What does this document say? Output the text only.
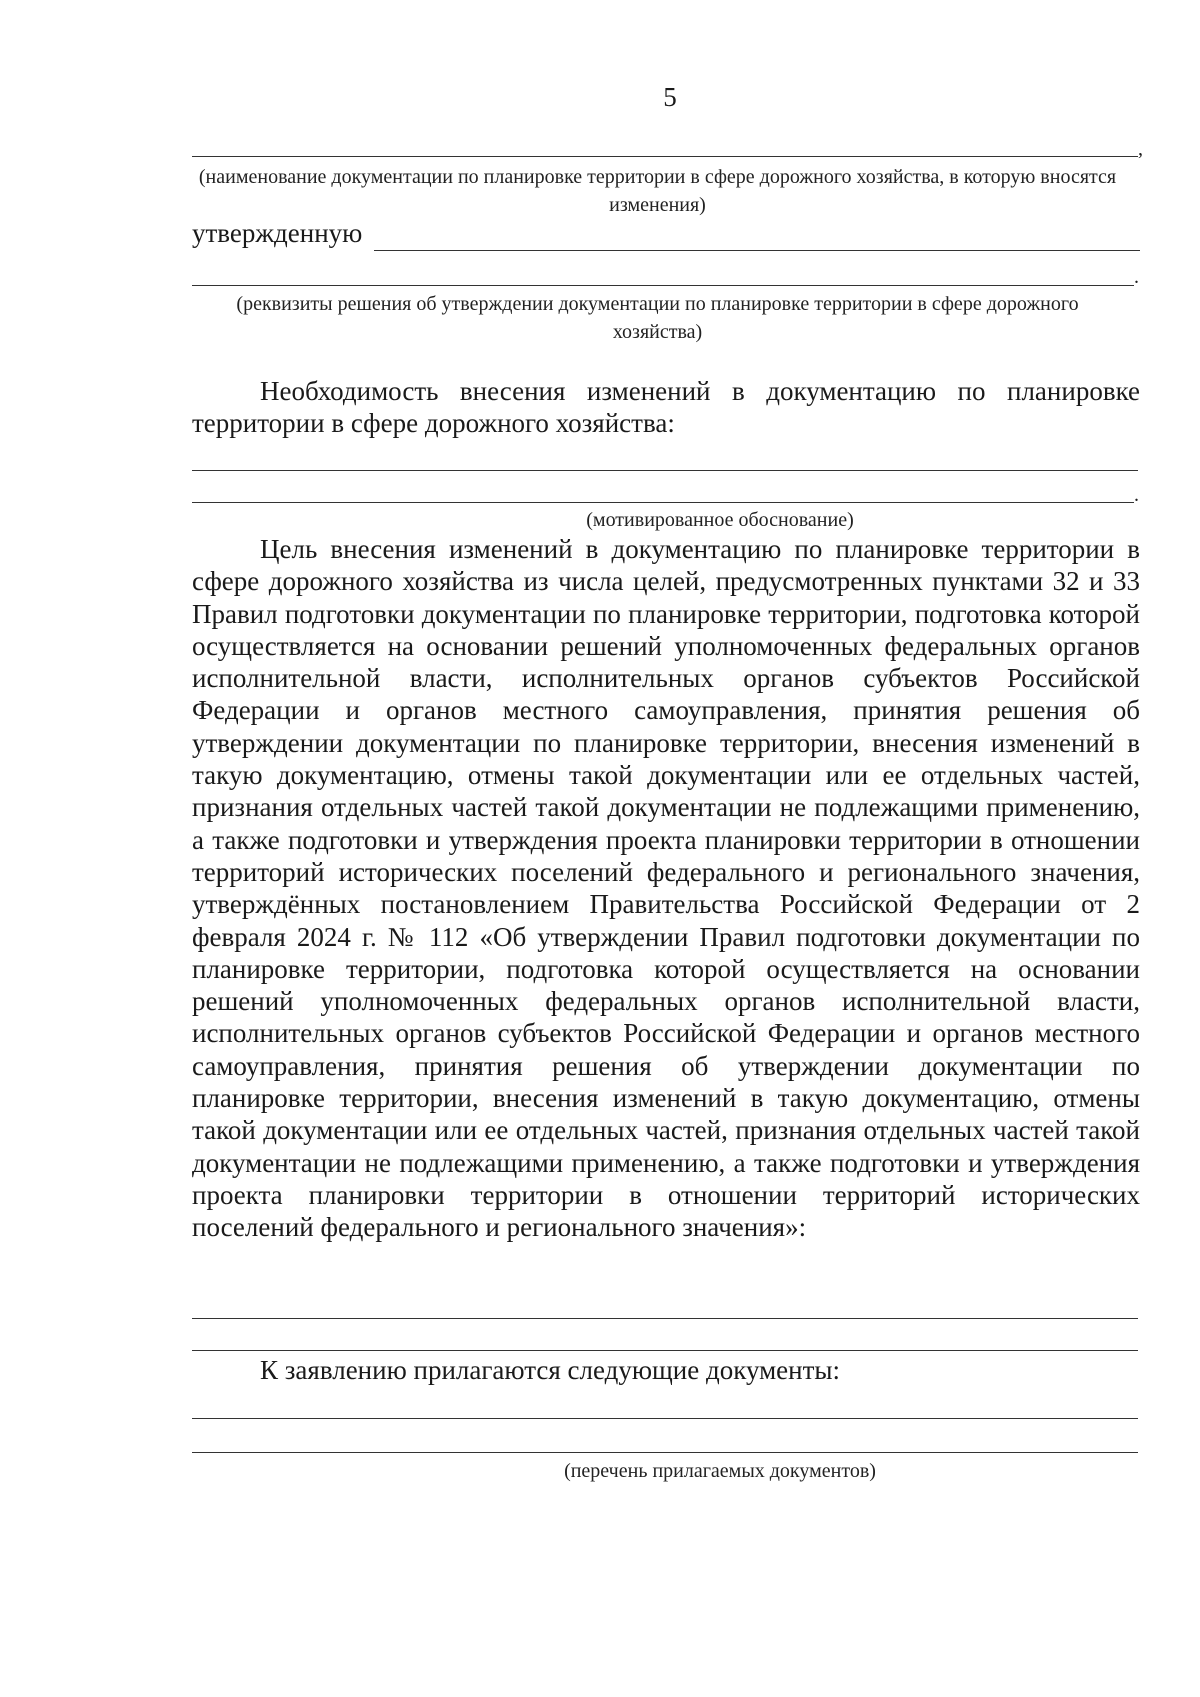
5
,
(наименование документации по планировке территории в сфере дорожного хозяйства, в которую вносятся изменения)
утвержденную
.
(реквизиты решения об утверждении документации по планировке территории в сфере дорожного хозяйства)
Необходимость внесения изменений в документацию по планировке территории в сфере дорожного хозяйства:
.
(мотивированное обоснование)
Цель внесения изменений в документацию по планировке территории в сфере дорожного хозяйства из числа целей, предусмотренных пунктами 32 и 33 Правил подготовки документации по планировке территории, подготовка которой осуществляется на основании решений уполномоченных федеральных органов исполнительной власти, исполнительных органов субъектов Российской Федерации и органов местного самоуправления, принятия решения об утверждении документации по планировке территории, внесения изменений в такую документацию, отмены такой документации или ее отдельных частей, признания отдельных частей такой документации не подлежащими применению, а также подготовки и утверждения проекта планировки территории в отношении территорий исторических поселений федерального и регионального значения, утверждённых постановлением Правительства Российской Федерации от 2 февраля 2024 г. № 112 «Об утверждении Правил подготовки документации по планировке территории, подготовка которой осуществляется на основании решений уполномоченных федеральных органов исполнительной власти, исполнительных органов субъектов Российской Федерации и органов местного самоуправления, принятия решения об утверждении документации по планировке территории, внесения изменений в такую документацию, отмены такой документации или ее отдельных частей, признания отдельных частей такой документации не подлежащими применению, а также подготовки и утверждения проекта планировки территории в отношении территорий исторических поселений федерального и регионального значения»:
К заявлению прилагаются следующие документы:
(перечень прилагаемых документов)
